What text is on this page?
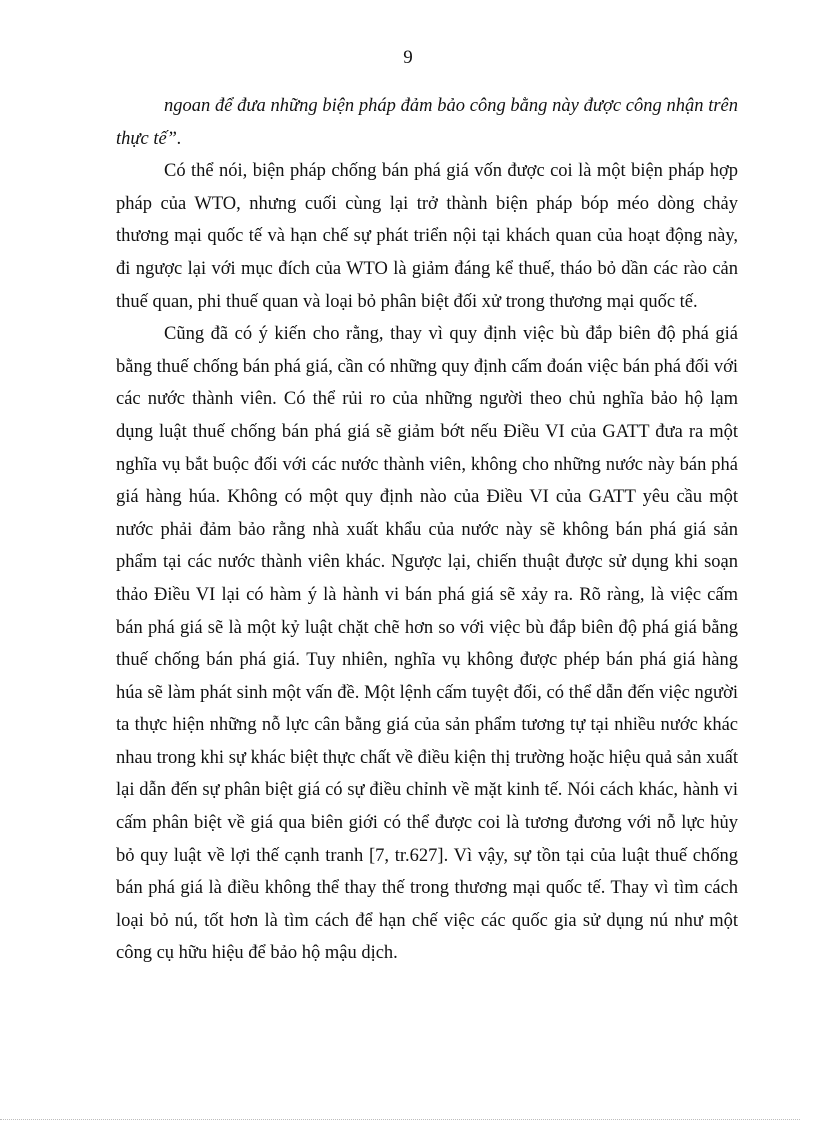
9

ngoan để đưa những biện pháp đảm bảo công bằng này được công nhận trên thực tế”.

Có thể nói, biện pháp chống bán phá giá vốn được coi là một biện pháp hợp pháp của WTO, nhưng cuối cùng lại trở thành biện pháp bóp méo dòng chảy thương mại quốc tế và hạn chế sự phát triển nội tại khách quan của hoạt động này, đi ngược lại với mục đích của WTO là giảm đáng kể thuế, tháo bỏ dần các rào cản thuế quan, phi thuế quan và loại bỏ phân biệt đối xử trong thương mại quốc tế.

Cũng đã có ý kiến cho rằng, thay vì quy định việc bù đắp biên độ phá giá bằng thuế chống bán phá giá, cần có những quy định cấm đoán việc bán phá đối với các nước thành viên. Có thể rủi ro của những người theo chủ nghĩa bảo hộ lạm dụng luật thuế chống bán phá giá sẽ giảm bớt nếu Điều VI của GATT đưa ra một nghĩa vụ bắt buộc đối với các nước thành viên, không cho những nước này bán phá giá hàng húa. Không có một quy định nào của Điều VI của GATT yêu cầu một nước phải đảm bảo rằng nhà xuất khẩu của nước này sẽ không bán phá giá sản phẩm tại các nước thành viên khác. Ngược lại, chiến thuật được sử dụng khi soạn thảo Điều VI lại có hàm ý là hành vi bán phá giá sẽ xảy ra. Rõ ràng, là việc cấm bán phá giá sẽ là một kỷ luật chặt chẽ hơn so với việc bù đắp biên độ phá giá bằng thuế chống bán phá giá. Tuy nhiên, nghĩa vụ không được phép bán phá giá hàng húa sẽ làm phát sinh một vấn đề. Một lệnh cấm tuyệt đối, có thể dẫn đến việc người ta thực hiện những nỗ lực cân bằng giá của sản phẩm tương tự tại nhiều nước khác nhau trong khi sự khác biệt thực chất về điều kiện thị trường hoặc hiệu quả sản xuất lại dẫn đến sự phân biệt giá có sự điều chỉnh về mặt kinh tế. Nói cách khác, hành vi cấm phân biệt về giá qua biên giới có thể được coi là tương đương với nỗ lực hủy bỏ quy luật về lợi thế cạnh tranh [7, tr.627]. Vì vậy, sự tồn tại của luật thuế chống bán phá giá là điều không thể thay thế trong thương mại quốc tế. Thay vì tìm cách loại bỏ nú, tốt hơn là tìm cách để hạn chế việc các quốc gia sử dụng nú như một công cụ hữu hiệu để bảo hộ mậu dịch.
